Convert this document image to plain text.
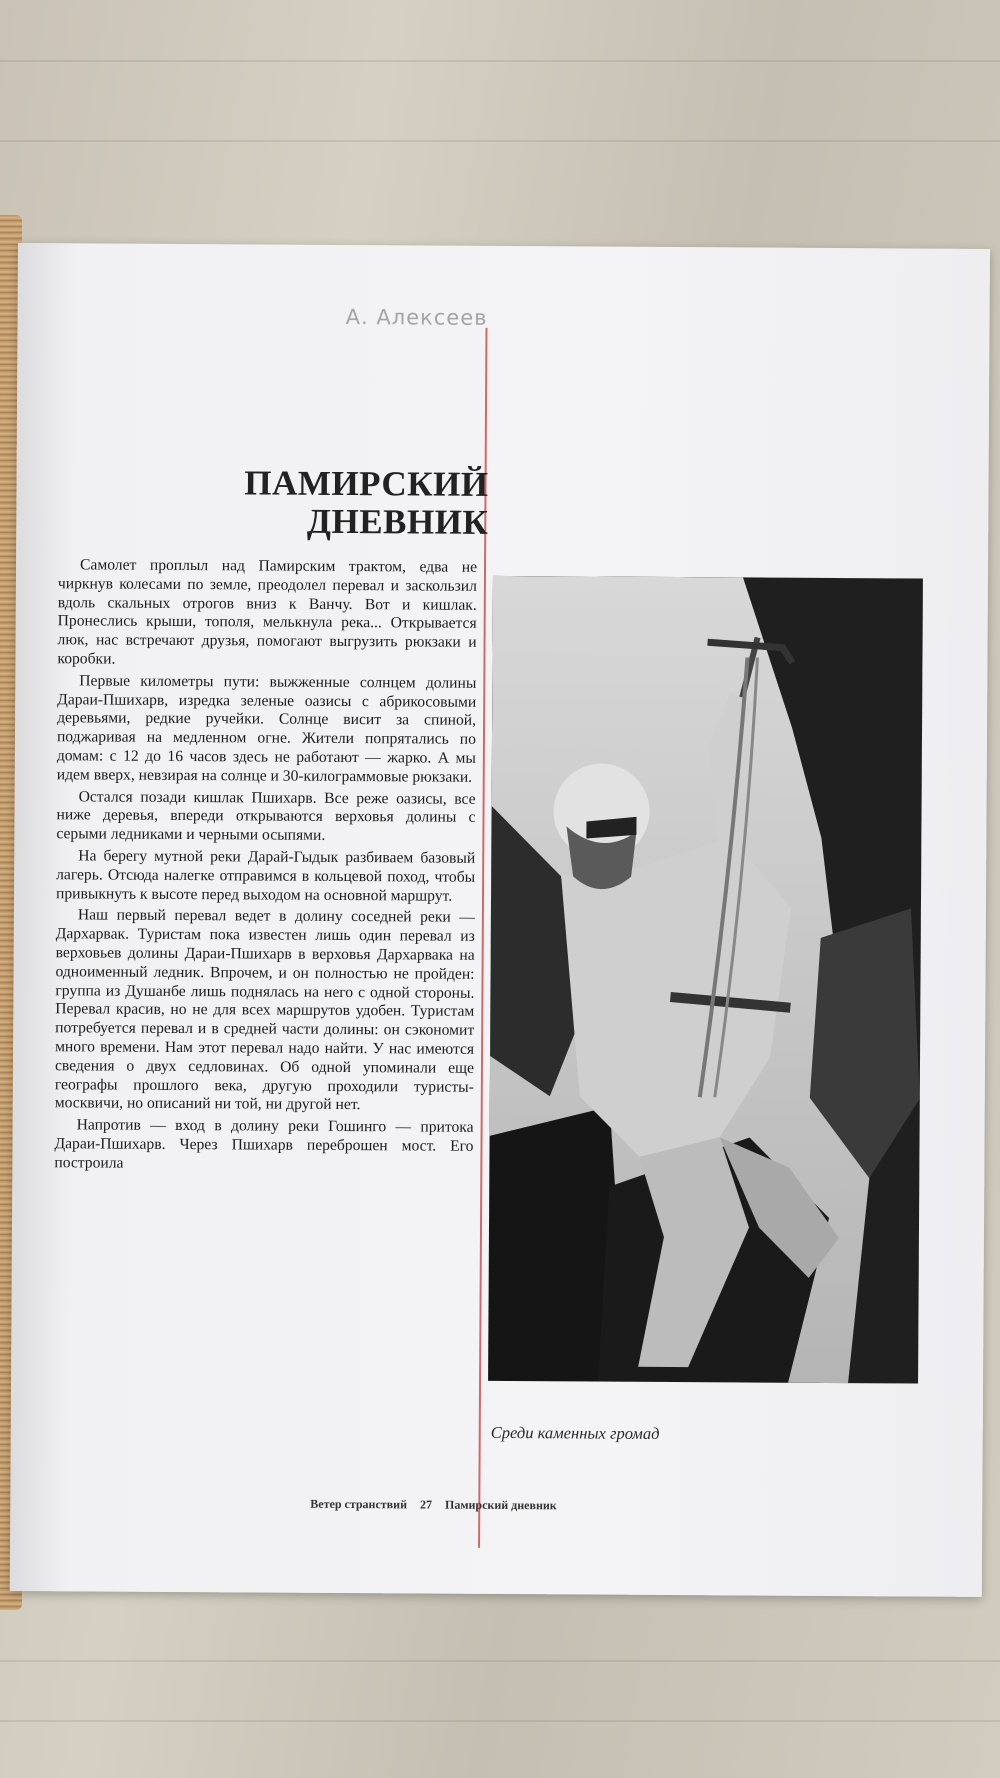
А. Алексеев
ПАМИРСКИЙ
ДНЕВНИК

Самолет проплыл над Памирским трактом, едва не чиркнув колесами по земле, преодолел перевал и заскользил вдоль скальных отрогов вниз к Ванчу. Вот и кишлак. Пронеслись крыши, тополя, мелькнула река... Открывается люк, нас встречают друзья, помогают выгрузить рюкзаки и коробки.

Первые километры пути: выжженные солнцем долины Дараи-Пшихарв, изредка зеленые оазисы с абрикосовыми деревьями, редкие ручейки. Солнце висит за спиной, поджаривая на медленном огне. Жители попрятались по домам: с 12 до 16 часов здесь не работают — жарко. А мы идем вверх, невзирая на солнце и 30-килограммовые рюкзаки.

Остался позади кишлак Пшихарв. Все реже оазисы, все ниже деревья, впереди открываются верховья долины с серыми ледниками и черными осыпями.

На берегу мутной реки Дарай-Гыдык разбиваем базовый лагерь. Отсюда налегке отправимся в кольцевой поход, чтобы привыкнуть к высоте перед выходом на основной маршрут.

Наш первый перевал ведет в долину соседней реки — Дархарвак. Туристам пока известен лишь один перевал из верховьев долины Дараи-Пшихарв в верховья Дархарвака на одноименный ледник. Впрочем, и он полностью не пройден: группа из Душанбе лишь поднялась на него с одной стороны. Перевал красив, но не для всех маршрутов удобен. Туристам потребуется перевал и в средней части долины: он сэкономит много времени. Нам этот перевал надо найти. У нас имеются сведения о двух седловинах. Об одной упоминали еще географы прошлого века, другую проходили туристы-москвичи, но описаний ни той, ни другой нет.

Напротив — вход в долину реки Гошинго — притока Дараи-Пшихарв. Через Пшихарв переброшен мост. Его построила

Среди каменных громад
Ветер странствий 27 Памирский дневник
